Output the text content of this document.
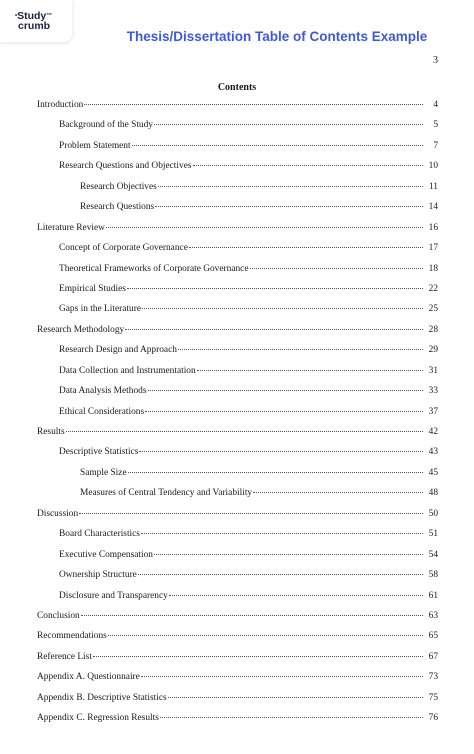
•Study™
crumb
Thesis/Dissertation Table of Contents Example
3
Contents
Introduction	4
Background of the Study	5
Problem Statement	7
Research Questions and Objectives	10
Research Objectives	11
Research Questions	14
Literature Review	16
Concept of Corporate Governance	17
Theoretical Frameworks of Corporate Governance	18
Empirical Studies	22
Gaps in the Literature	25
Research Methodology	28
Research Design and Approach	29
Data Collection and Instrumentation	31
Data Analysis Methods	33
Ethical Considerations	37
Results	42
Descriptive Statistics	43
Sample Size	45
Measures of Central Tendency and Variability	48
Discussion	50
Board Characteristics	51
Executive Compensation	54
Ownership Structure	58
Disclosure and Transparency	61
Conclusion	63
Recommendations	65
Reference List	67
Appendix A. Questionnaire	73
Appendix B. Descriptive Statistics	75
Appendix C. Regression Results	76
